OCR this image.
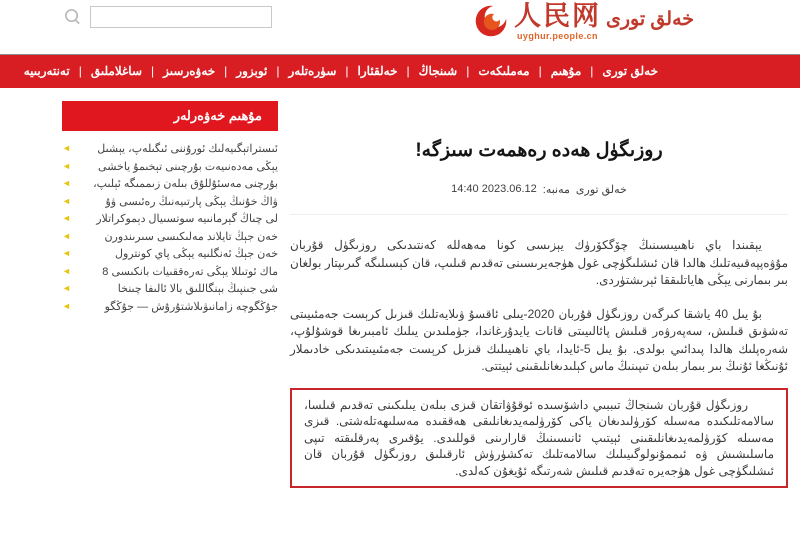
人民网
uyghur.people.cn
خەلق تورى
خەلق تورى
| مۇھىم
| مەملىكەت
| شىنجاڭ
| خەلقئارا
| سۈرەتلەر
| ئوبزور
| خەۋەرسىز
| ساغلاملىق
| تەنتەربىيە
مۇھىم خەۋەرلەر
◄	ئىستراتېگىيەلىك ئورۇننى ئىگىلەپ، يېشىل
◄	يېڭى مەدەنىيەت بۇرچىنى تېخىمۇ ياخشى
◄	بۇرچنى مەسئۇللۇق بىلەن زىممىگە ئېلىپ،
◄	ۋاڭ خۇنىڭ يېڭى پارتىيەنىڭ رەئىسى ۋۇ
◄	لى چىاڭ گېرمانىيە سوتسىيال دېموكراتلار
◄	خەن جېڭ تايلاند مەلىكىسى سىرىندورن
◄	خەن جېڭ ئەنگلىيە يېڭى پاي كونترول
◄	ماك ئوتىللا يېڭى تەرەققىيات بانكىسى 8
◄	شى جىنپىڭ بېنگاللىق بالا ئالىفا چىنخا
◄	جۇڭگوچە زامانىۋىلاشتۇرۇش — جۇڭگو
روزىگۈل ھەدە رەھمەت سىزگە!
14:40 2023.06.12 مەنبە: خەلق تورى

يېقىندا باي ناھىيىسىنىڭ چۆگكۆرۈك يېزىسى كونا مەھەللە كەنتىدىكى روزىگۈل قۇربان مۇۋەپپەقىيەتلىك ھالدا قان ئىشلىگۈچى غول ھۈجەيرىسىنى تەقدىم قىلىپ، قان كېسىلىگە گىرىپتار بولغان بىر بىمارنى يېڭى ھاياتلىققا ئېرىشتۈردى.

بۇ يىل 40 ياشقا كىرگەن روزىگۈل قۇربان 2020-يىلى ئاقسۇ ۋىلايەتلىك قىزىل كرېست جەمئىيىتى تەشۋىق قىلىش، سەپەرۋەر قىلىش پائالىيىتى قانات يايدۇرغاندا، جۈملىدىن يىلىك ئامبىرىغا قوشۇلۇپ، شەرەپلىك ھالدا پىدائىي بولدى. بۇ يىل 5-ئايدا، باي ناھىيىلىك قىزىل كرېست جەمئىيىتىدىكى خادىملار ئۇنىڭغا ئۇنىڭ بىر بىمار بىلەن تىپىنىڭ ماس كېلىدىغانلىقىنى ئېيتتى.

روزىگۈل قۇربان شىنجاڭ تىببىي داشۆسىدە ئوقۇۋاتقان قىزى بىلەن يىلىكىنى تەقدىم قىلسا، سالامەتلىكىدە مەسىلە كۆرۈلىدىغان ياكى كۆرۈلمەيدىغانلىقى ھەققىدە مەسلىھەتلەشتى. قىزى مەسىلە كۆرۈلمەيدىغانلىقىنى ئېيتىپ ئانىسىنىڭ قارارىنى قوللىدى. يۇقىرى پەرقلىقتە تىپى ماسلىشىش ۋە ئىممۇنولوگىيىلىك سالامەتلىك تەكشۈرۈش ئارقىلىق روزىگۈل قۇربان قان ئىشلىگۈچى غول ھۈجەيرە تەقدىم قىلىش شەرتىگە ئۇيغۇن كەلدى.
